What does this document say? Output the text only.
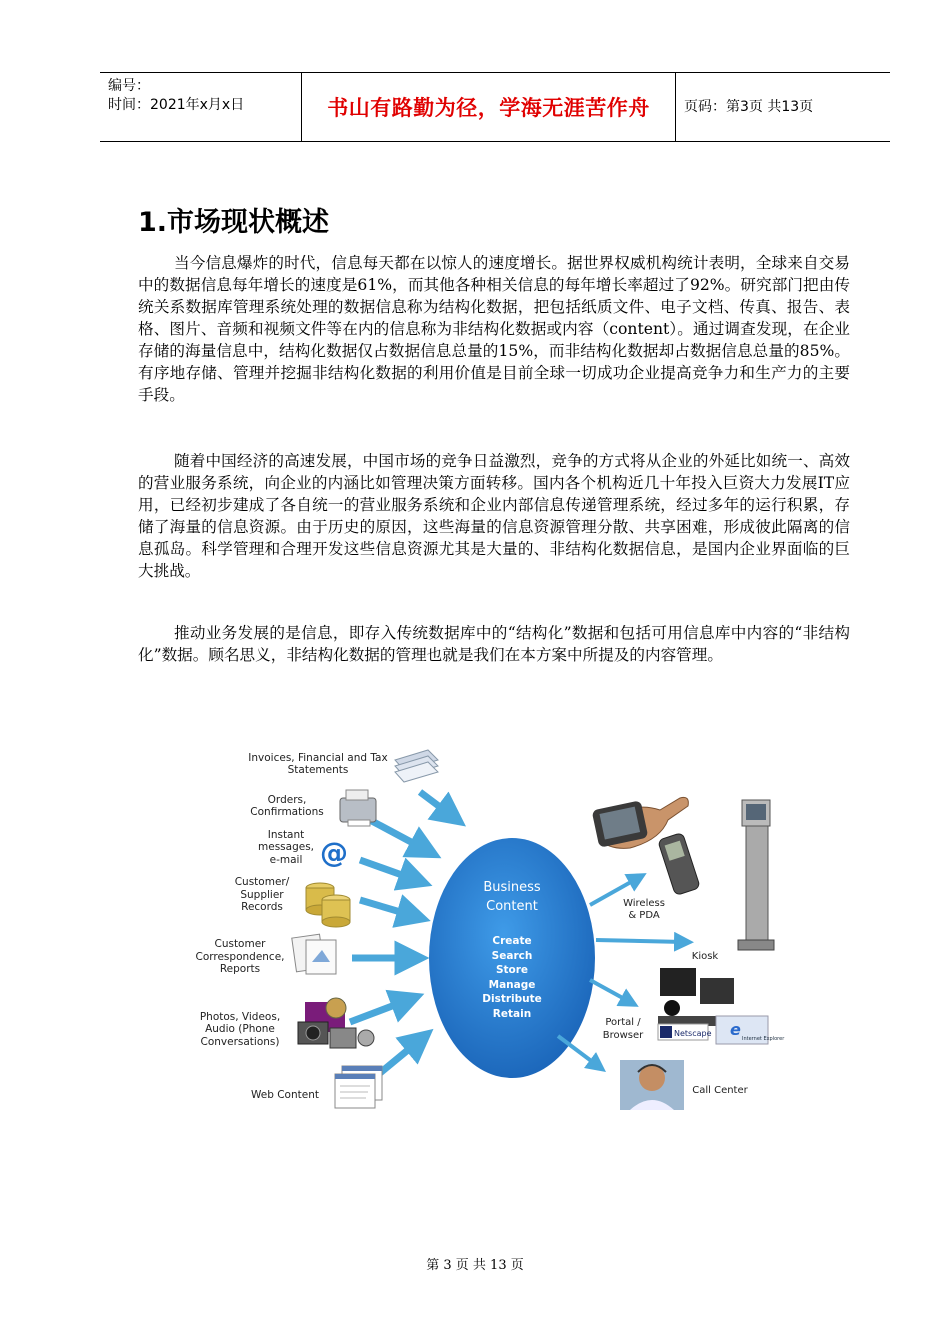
编号：
时间：2021年x月x日	书山有路勤为径，学海无涯苦作舟 页码：第3页 共13页
1.市场现状概述

当今信息爆炸的时代，信息每天都在以惊人的速度增长。据世界权威机构统计表明，全球来自交易中的数据信息每年增长的速度是61%，而其他各种相关信息的每年增长率超过了92%。研究部门把由传统关系数据库管理系统处理的数据信息称为结构化数据，把包括纸质文件、电子文档、传真、报告、表格、图片、音频和视频文件等在内的信息称为非结构化数据或内容（content）。通过调查发现，在企业存储的海量信息中，结构化数据仅占数据信息总量的15%，而非结构化数据却占数据信息总量的85%。有序地存储、管理并挖掘非结构化数据的利用价值是目前全球一切成功企业提高竞争力和生产力的主要手段。

随着中国经济的高速发展，中国市场的竞争日益激烈，竞争的方式将从企业的外延比如统一、高效的营业服务系统，向企业的内涵比如管理决策方面转移。国内各个机构近几十年投入巨资大力发展IT应用，已经初步建成了各自统一的营业服务系统和企业内部信息传递管理系统，经过多年的运行积累，存储了海量的信息资源。由于历史的原因，这些海量的信息资源管理分散、共享困难，形成彼此隔离的信息孤岛。科学管理和合理开发这些信息资源尤其是大量的、非结构化数据信息，是国内企业界面临的巨大挑战。

推动业务发展的是信息，即存入传统数据库中的“结构化”数据和包括可用信息库中内容的“非结构化”数据。顾名思义，非结构化数据的管理也就是我们在本方案中所提及的内容管理。

Business
Content
Create
Search
Store
Manage
Distribute
Retain
Invoices, Financial and Tax
Statements
Orders,
Confirmations
Instant
messages,
e-mail
Customer/
Supplier
Records
Customer
Correspondence,
Reports
Photos, Videos,
Audio (Phone
Conversations)
Web Content
Wireless
& PDA
Kiosk
Portal /
Browser
Call Center
@
Netscape e Internet Explorer
第 3 页 共 13 页
